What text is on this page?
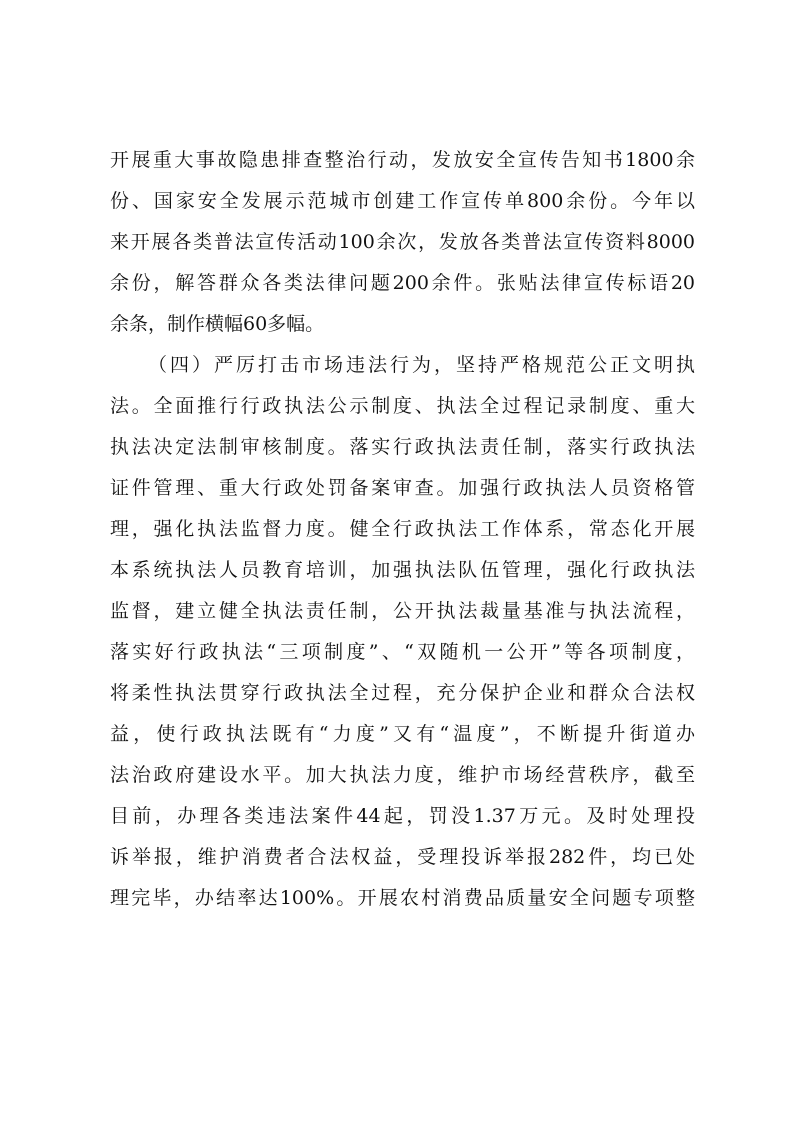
开展重大事故隐患排查整治行动，发放安全宣传告知书1800余
份、国家安全发展示范城市创建工作宣传单800余份。今年以
来开展各类普法宣传活动100余次，发放各类普法宣传资料8000
余份，解答群众各类法律问题200余件。张贴法律宣传标语20
余条，制作横幅60多幅。
（四）严厉打击市场违法行为，坚持严格规范公正文明执
法。全面推行行政执法公示制度、执法全过程记录制度、重大
执法决定法制审核制度。落实行政执法责任制，落实行政执法
证件管理、重大行政处罚备案审查。加强行政执法人员资格管
理，强化执法监督力度。健全行政执法工作体系，常态化开展
本系统执法人员教育培训，加强执法队伍管理，强化行政执法
监督，建立健全执法责任制，公开执法裁量基准与执法流程，
落实好行政执法“三项制度”、“双随机一公开”等各项制度，
将柔性执法贯穿行政执法全过程，充分保护企业和群众合法权
益，使行政执法既有“力度”又有“温度”，不断提升街道办
法治政府建设水平。加大执法力度，维护市场经营秩序，截至
目前，办理各类违法案件44起，罚没1.37万元。及时处理投
诉举报，维护消费者合法权益，受理投诉举报282件，均已处
理完毕，办结率达100%。开展农村消费品质量安全问题专项整
